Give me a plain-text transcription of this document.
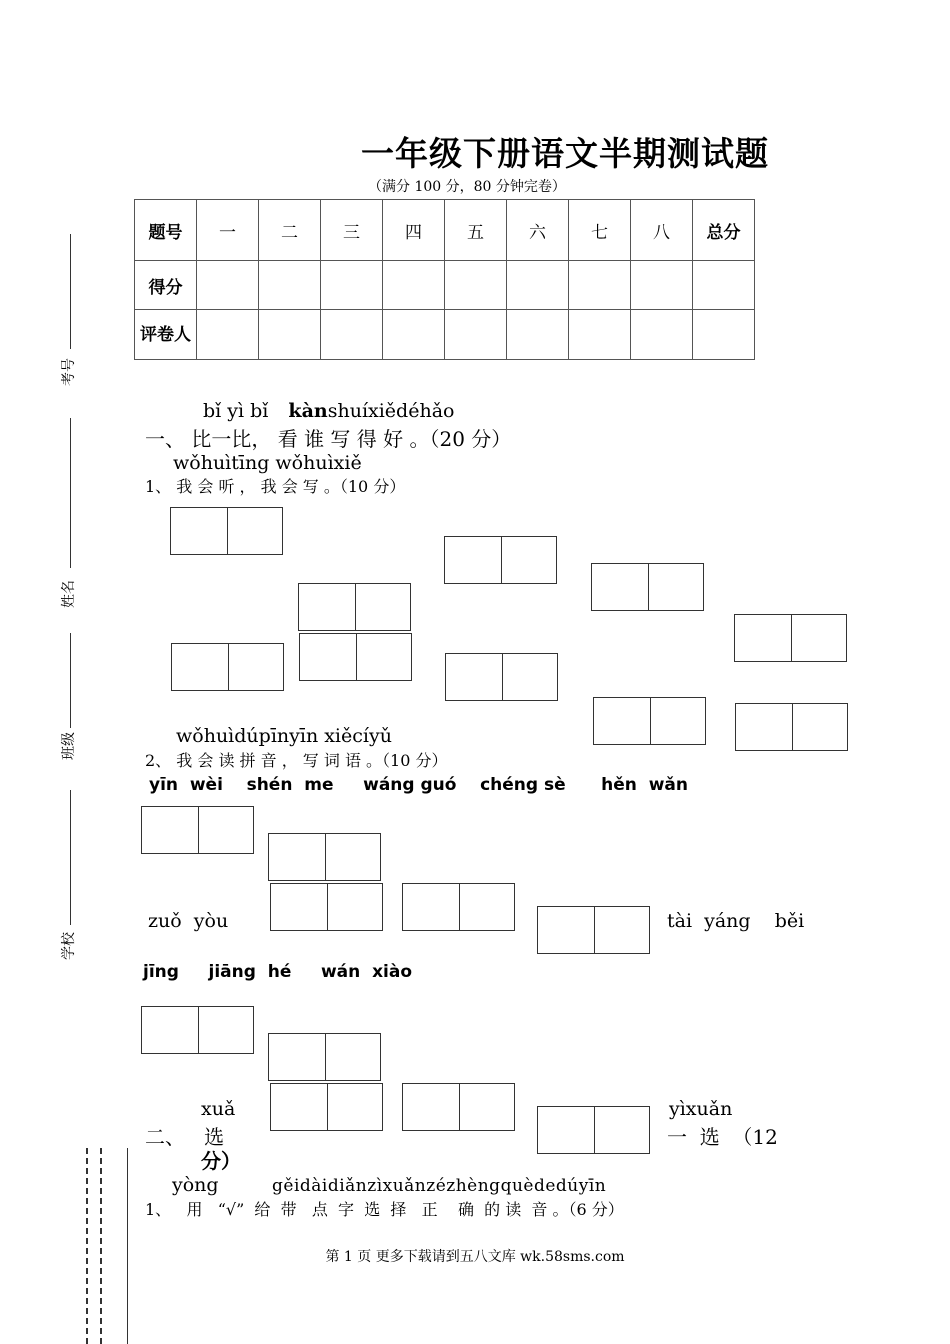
一年级下册语文半期测试题
（满分 100 分，80 分钟完卷）
题号	一	二	三	四	五	六	七	八	总分
得分									
评卷人									
考号
姓名
班级
学校
bǐ yì bǐ kànshuíxiědéhǎo
一、 比一比， 看 谁 写 得 好 。（20 分）
wǒhuìtīng wǒhuìxiě
1、 我 会 听 ， 我 会 写 。（10 分）
wǒhuìdúpīnyīn xiěcíyǔ
2、 我 会 读 拼 音 ， 写 词 语 。（10 分）
yīn  wèi    shén  me     wáng guó    chéng sè      hěn  wǎn
zuǒ  yòu	tài  yáng    běi
jīng     jiāng  hé     wán  xiào
xuǎ
二、   选
分）
yìxuǎn
一  选  （12
yòng	gěidàidiǎnzìxuǎnzézhèngquèdedúyīn
1、   用   “√”  给  带   点  字  选  择   正    确  的 读  音 。（6 分）
第 1 页 更多下载请到五八文库 wk.58sms.com
